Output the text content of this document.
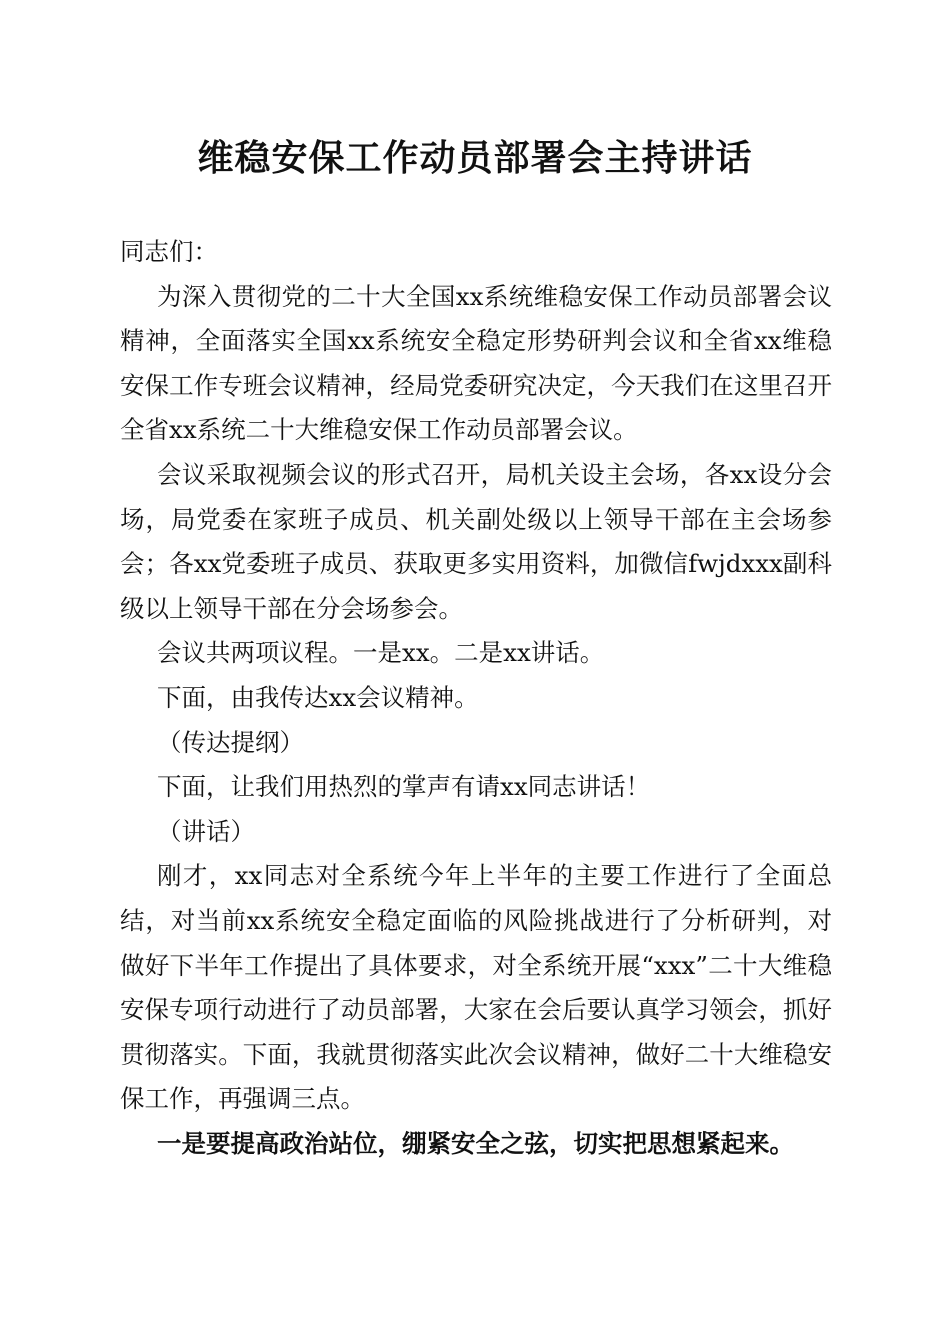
维稳安保工作动员部署会主持讲话

同志们：

为深入贯彻党的二十大全国xx系统维稳安保工作动员部署会议精神，全面落实全国xx系统安全稳定形势研判会议和全省xx维稳安保工作专班会议精神，经局党委研究决定，今天我们在这里召开全省xx系统二十大维稳安保工作动员部署会议。

会议采取视频会议的形式召开，局机关设主会场，各xx设分会场，局党委在家班子成员、机关副处级以上领导干部在主会场参会；各xx党委班子成员、获取更多实用资料，加微信fwjdxxx副科级以上领导干部在分会场参会。

会议共两项议程。一是xx。二是xx讲话。

下面，由我传达xx会议精神。

（传达提纲）

下面，让我们用热烈的掌声有请xx同志讲话！

（讲话）

刚才，xx同志对全系统今年上半年的主要工作进行了全面总结，对当前xx系统安全稳定面临的风险挑战进行了分析研判，对做好下半年工作提出了具体要求，对全系统开展“xxx”二十大维稳安保专项行动进行了动员部署，大家在会后要认真学习领会，抓好贯彻落实。下面，我就贯彻落实此次会议精神，做好二十大维稳安保工作，再强调三点。

一是要提高政治站位，绷紧安全之弦，切实把思想紧起来。
